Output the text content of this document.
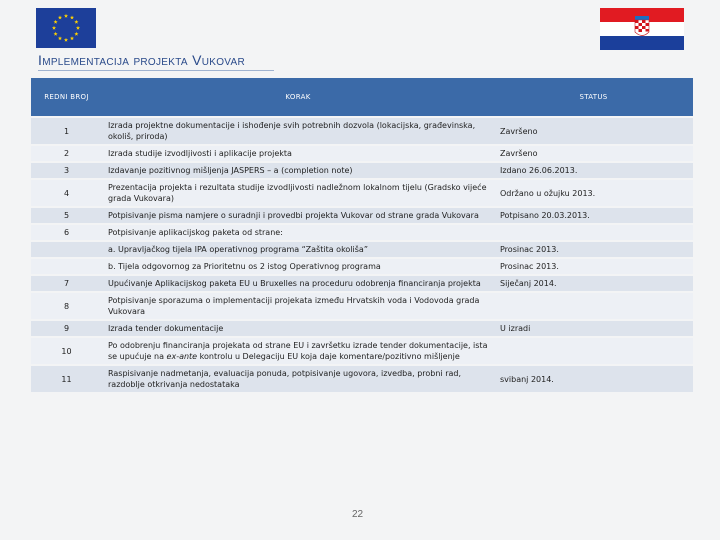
Implementacija projekta Vukovar
REDNI BROJ	KORAK	STATUS
1	Izrada projektne dokumentacije i ishođenje svih potrebnih dozvola (lokacijska, građevinska, okoliš, priroda)	Završeno
2	Izrada studije izvodljivosti i aplikacije projekta	Završeno
3	Izdavanje pozitivnog mišljenja JASPERS – a (completion note)	Izdano 26.06.2013.
4	Prezentacija projekta i rezultata studije izvodljivosti nadležnom lokalnom tijelu (Gradsko vijeće grada Vukovara)	Održano u ožujku 2013.
5	Potpisivanje pisma namjere o suradnji i provedbi projekta Vukovar od strane grada Vukovara	Potpisano 20.03.2013.
6	Potpisivanje aplikacijskog paketa od strane:	
	a. Upravljačkog tijela IPA operativnog programa “Zaštita okoliša”	Prosinac 2013.
	b. Tijela odgovornog za Prioritetnu os 2 istog Operativnog programa	Prosinac 2013.
7	Upućivanje Aplikacijskog paketa EU u Bruxelles na proceduru odobrenja financiranja projekta	Siječanj 2014.
8	Potpisivanje sporazuma o implementaciji projekata između Hrvatskih voda i Vodovoda grada Vukovara	
9	Izrada tender dokumentacije	U izradi
10	Po odobrenju financiranja projekata od strane EU i završetku izrade tender dokumentacije, ista se upućuje na ex-ante kontrolu u Delegaciju EU koja daje komentare/pozitivno mišljenje	
11	Raspisivanje nadmetanja, evaluacija ponuda, potpisivanje ugovora, izvedba, probni rad, razdoblje otkrivanja nedostataka	svibanj 2014.
22
